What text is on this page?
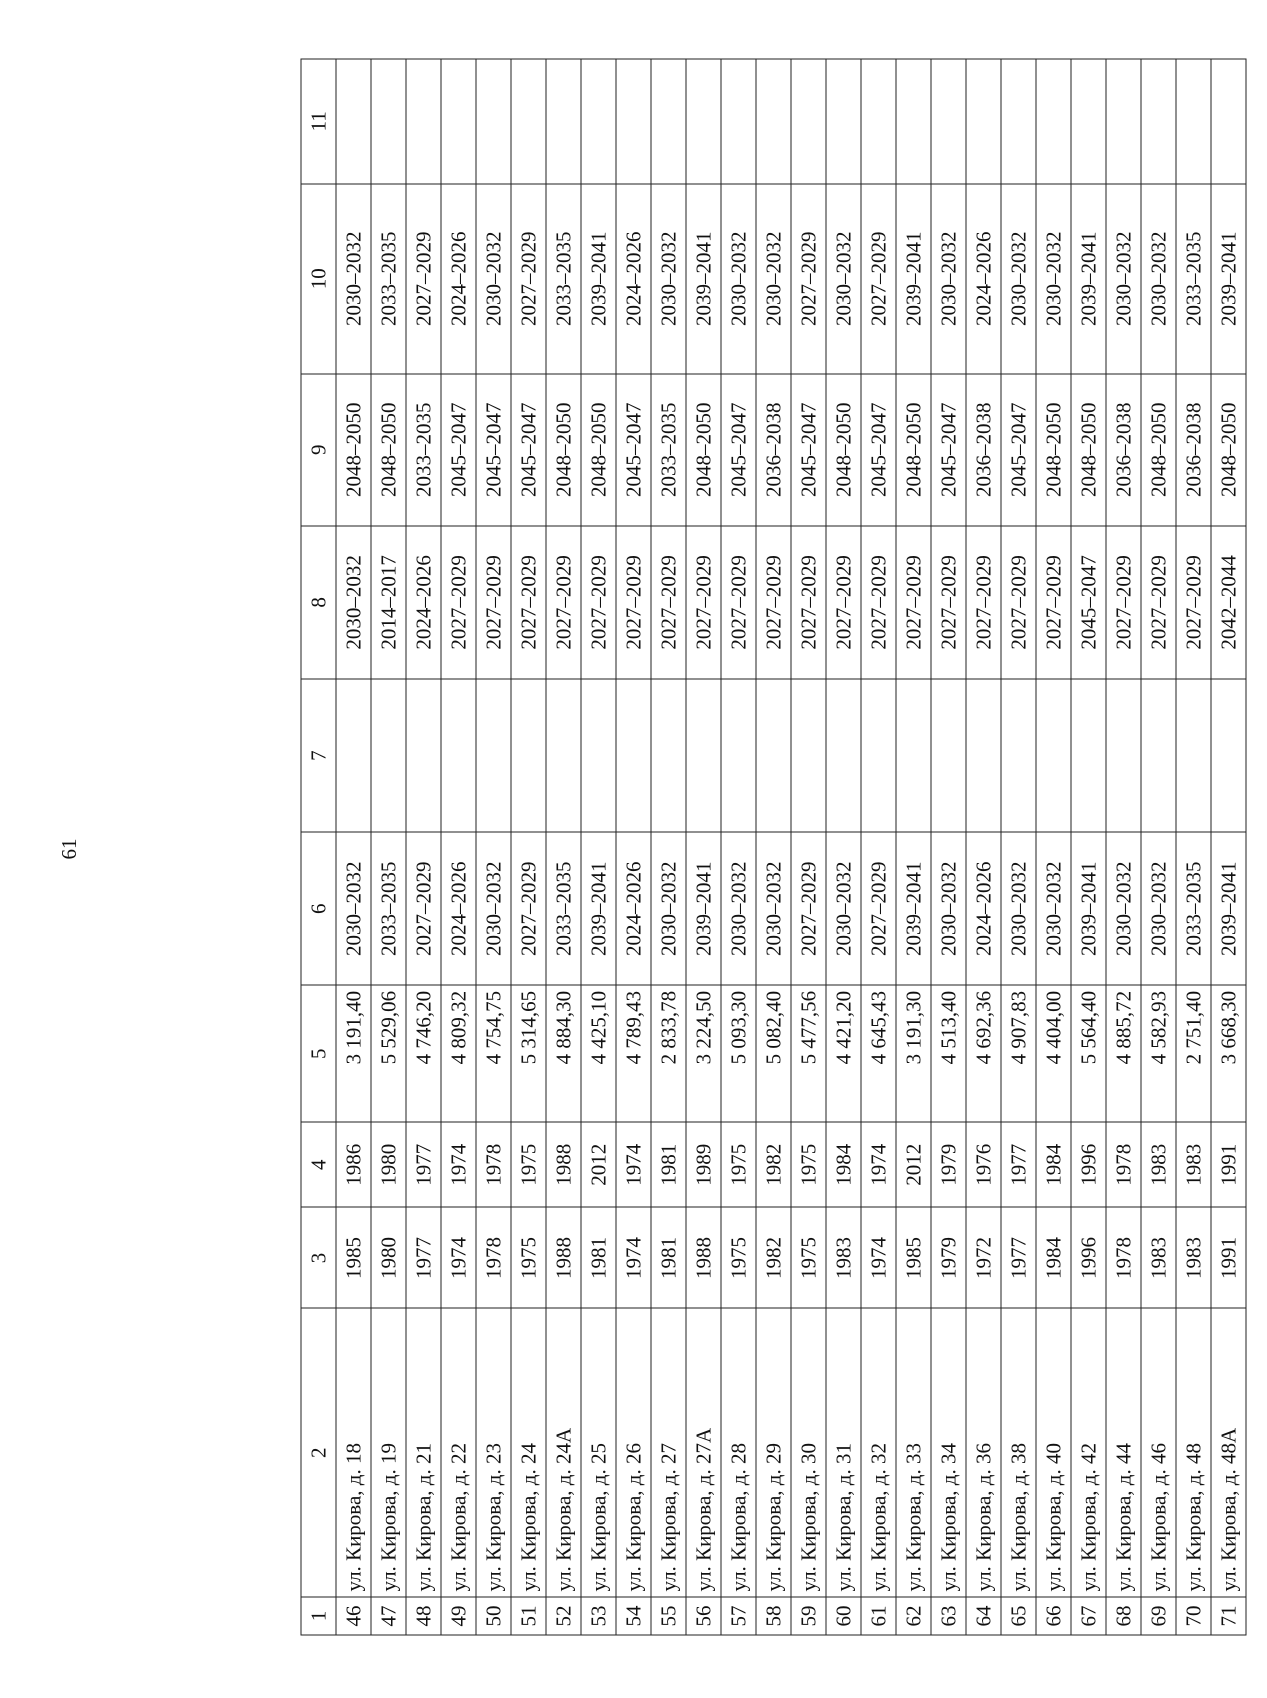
61
1	2	3	4	5	6	7	8	9	10	11
46	ул. Кирова, д. 18	1985	1986	3 191,40	2030–2032		2030–2032	2048–2050	2030–2032	
47	ул. Кирова, д. 19	1980	1980	5 529,06	2033–2035		2014–2017	2048–2050	2033–2035	
48	ул. Кирова, д. 21	1977	1977	4 746,20	2027–2029		2024–2026	2033–2035	2027–2029	
49	ул. Кирова, д. 22	1974	1974	4 809,32	2024–2026		2027–2029	2045–2047	2024–2026	
50	ул. Кирова, д. 23	1978	1978	4 754,75	2030–2032		2027–2029	2045–2047	2030–2032	
51	ул. Кирова, д. 24	1975	1975	5 314,65	2027–2029		2027–2029	2045–2047	2027–2029	
52	ул. Кирова, д. 24А	1988	1988	4 884,30	2033–2035		2027–2029	2048–2050	2033–2035	
53	ул. Кирова, д. 25	1981	2012	4 425,10	2039–2041		2027–2029	2048–2050	2039–2041	
54	ул. Кирова, д. 26	1974	1974	4 789,43	2024–2026		2027–2029	2045–2047	2024–2026	
55	ул. Кирова, д. 27	1981	1981	2 833,78	2030–2032		2027–2029	2033–2035	2030–2032	
56	ул. Кирова, д. 27А	1988	1989	3 224,50	2039–2041		2027–2029	2048–2050	2039–2041	
57	ул. Кирова, д. 28	1975	1975	5 093,30	2030–2032		2027–2029	2045–2047	2030–2032	
58	ул. Кирова, д. 29	1982	1982	5 082,40	2030–2032		2027–2029	2036–2038	2030–2032	
59	ул. Кирова, д. 30	1975	1975	5 477,56	2027–2029		2027–2029	2045–2047	2027–2029	
60	ул. Кирова, д. 31	1983	1984	4 421,20	2030–2032		2027–2029	2048–2050	2030–2032	
61	ул. Кирова, д. 32	1974	1974	4 645,43	2027–2029		2027–2029	2045–2047	2027–2029	
62	ул. Кирова, д. 33	1985	2012	3 191,30	2039–2041		2027–2029	2048–2050	2039–2041	
63	ул. Кирова, д. 34	1979	1979	4 513,40	2030–2032		2027–2029	2045–2047	2030–2032	
64	ул. Кирова, д. 36	1972	1976	4 692,36	2024–2026		2027–2029	2036–2038	2024–2026	
65	ул. Кирова, д. 38	1977	1977	4 907,83	2030–2032		2027–2029	2045–2047	2030–2032	
66	ул. Кирова, д. 40	1984	1984	4 404,00	2030–2032		2027–2029	2048–2050	2030–2032	
67	ул. Кирова, д. 42	1996	1996	5 564,40	2039–2041		2045–2047	2048–2050	2039–2041	
68	ул. Кирова, д. 44	1978	1978	4 885,72	2030–2032		2027–2029	2036–2038	2030–2032	
69	ул. Кирова, д. 46	1983	1983	4 582,93	2030–2032		2027–2029	2048–2050	2030–2032	
70	ул. Кирова, д. 48	1983	1983	2 751,40	2033–2035		2027–2029	2036–2038	2033–2035	
71	ул. Кирова, д. 48А	1991	1991	3 668,30	2039–2041		2042–2044	2048–2050	2039–2041	
